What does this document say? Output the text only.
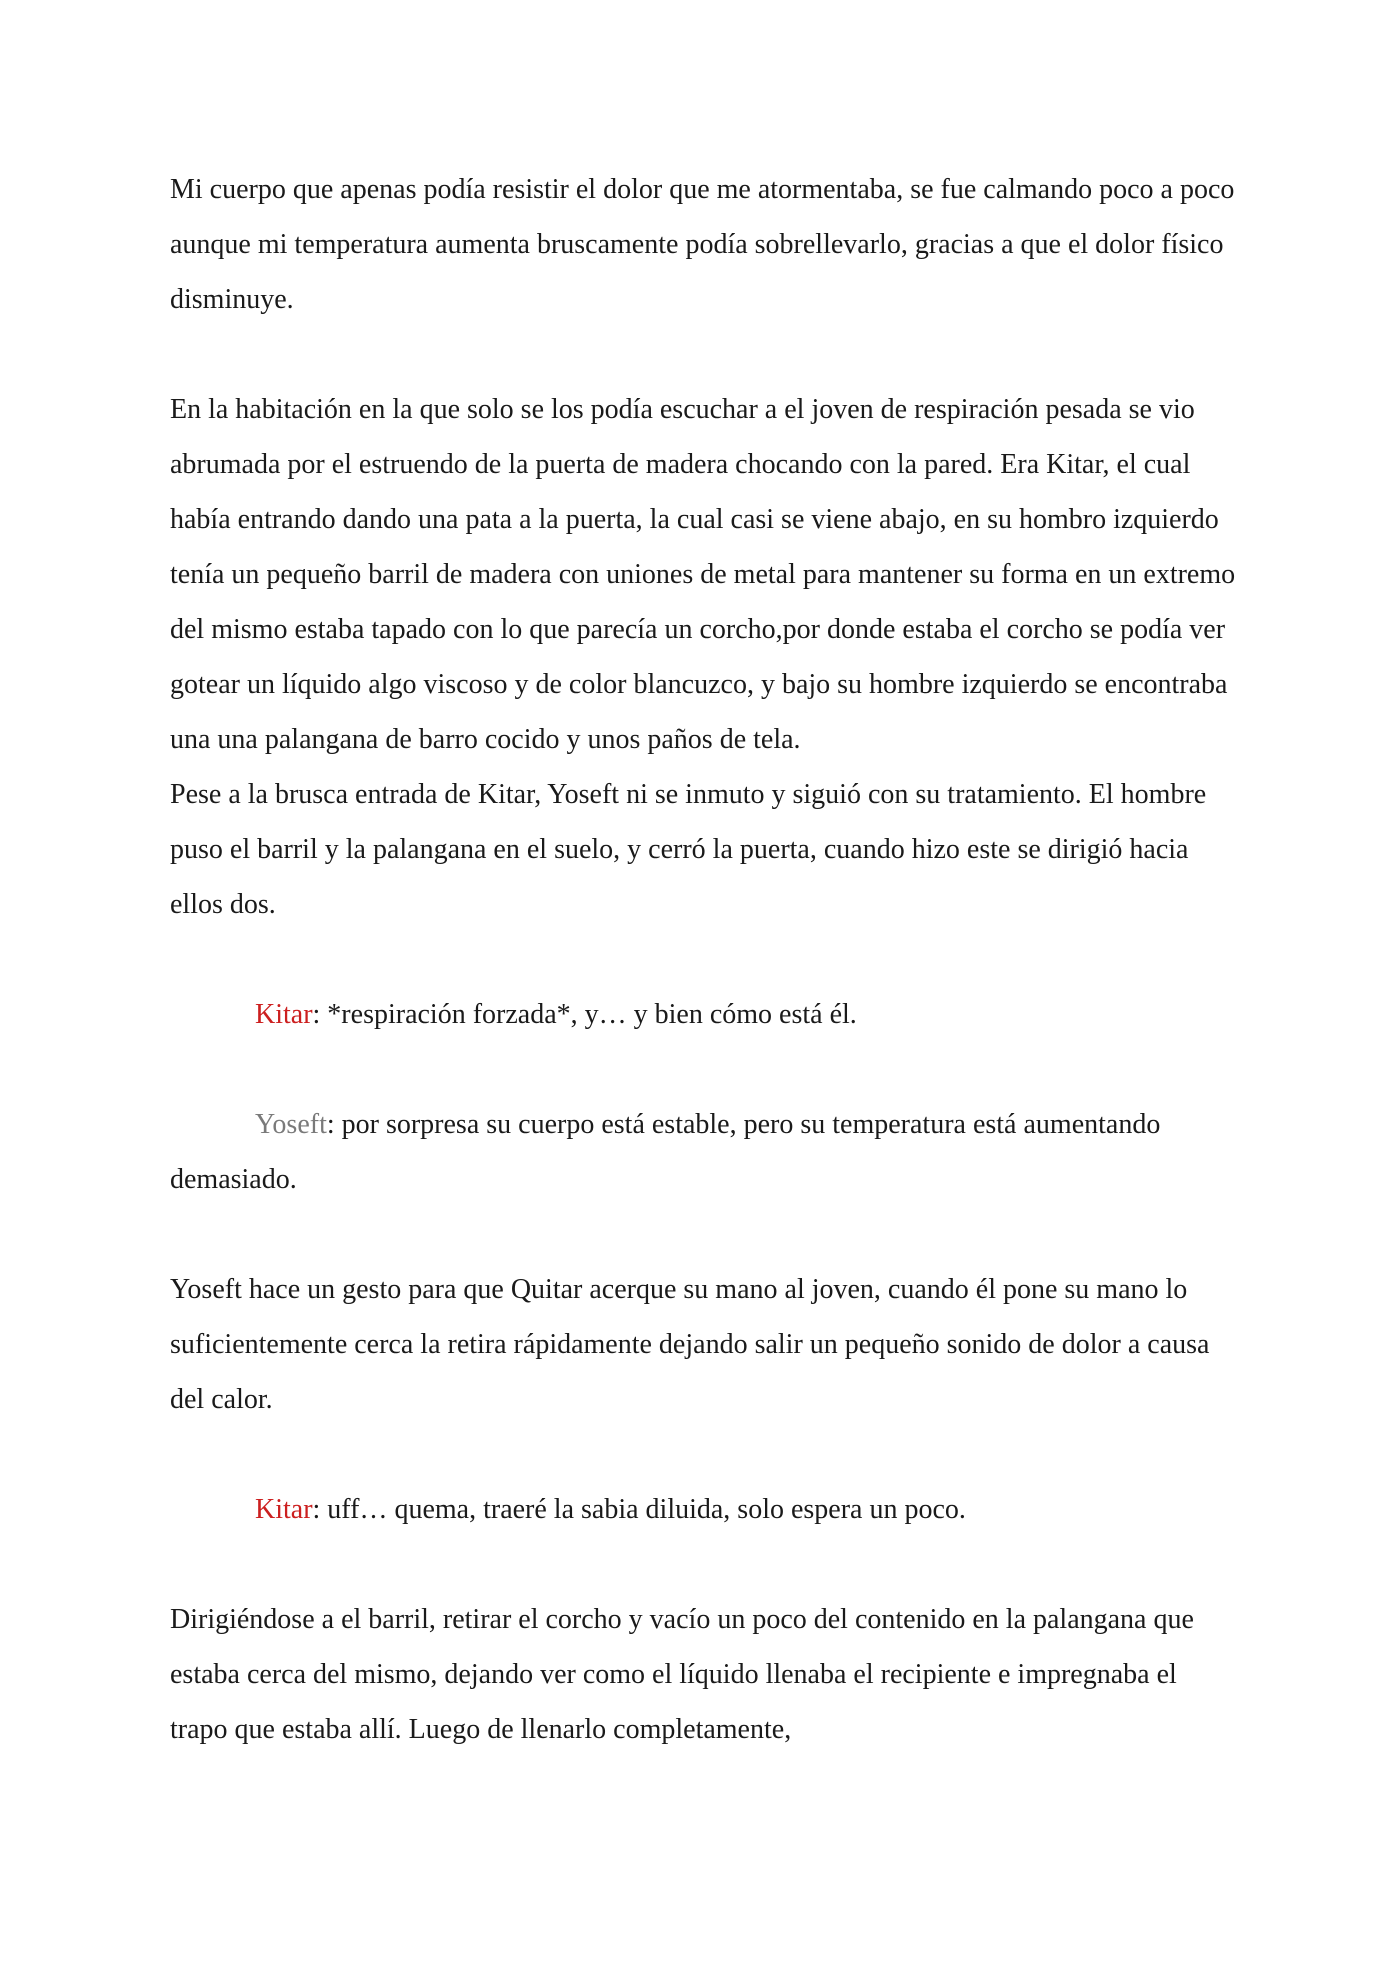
Mi cuerpo que apenas podía resistir el dolor que me atormentaba, se fue calmando poco a poco aunque mi temperatura aumenta bruscamente podía sobrellevarlo, gracias a que el dolor físico disminuye.

En la habitación en la que solo se los podía escuchar a el joven de respiración pesada se vio abrumada por el estruendo de la puerta de madera chocando con la pared. Era Kitar, el cual había entrando dando una pata a la puerta, la cual casi se viene abajo, en su hombro izquierdo tenía un pequeño barril de madera con uniones de metal para mantener su forma en un extremo del mismo estaba tapado con lo que parecía un corcho,por donde estaba el corcho se podía ver gotear un líquido algo viscoso y de color blancuzco, y bajo su hombre izquierdo se encontraba una una palangana de barro cocido y unos paños de tela.

Pese a la brusca entrada de Kitar, Yoseft ni se inmuto y siguió con su tratamiento. El hombre puso el barril y la palangana en el suelo, y cerró la puerta, cuando hizo este se dirigió hacia ellos dos.

Kitar: *respiración forzada*, y… y bien cómo está él.

Yoseft: por sorpresa su cuerpo está estable, pero su temperatura está aumentando demasiado.

Yoseft hace un gesto para que Quitar acerque su mano al joven, cuando él pone su mano lo suficientemente cerca la retira rápidamente dejando salir un pequeño sonido de dolor a causa del calor.

Kitar: uff… quema, traeré la sabia diluida, solo espera un poco.

Dirigiéndose a el barril, retirar el corcho y vacío un poco del contenido en la palangana que estaba cerca del mismo, dejando ver como el líquido llenaba el recipiente e impregnaba el trapo que estaba allí. Luego de llenarlo completamente,
